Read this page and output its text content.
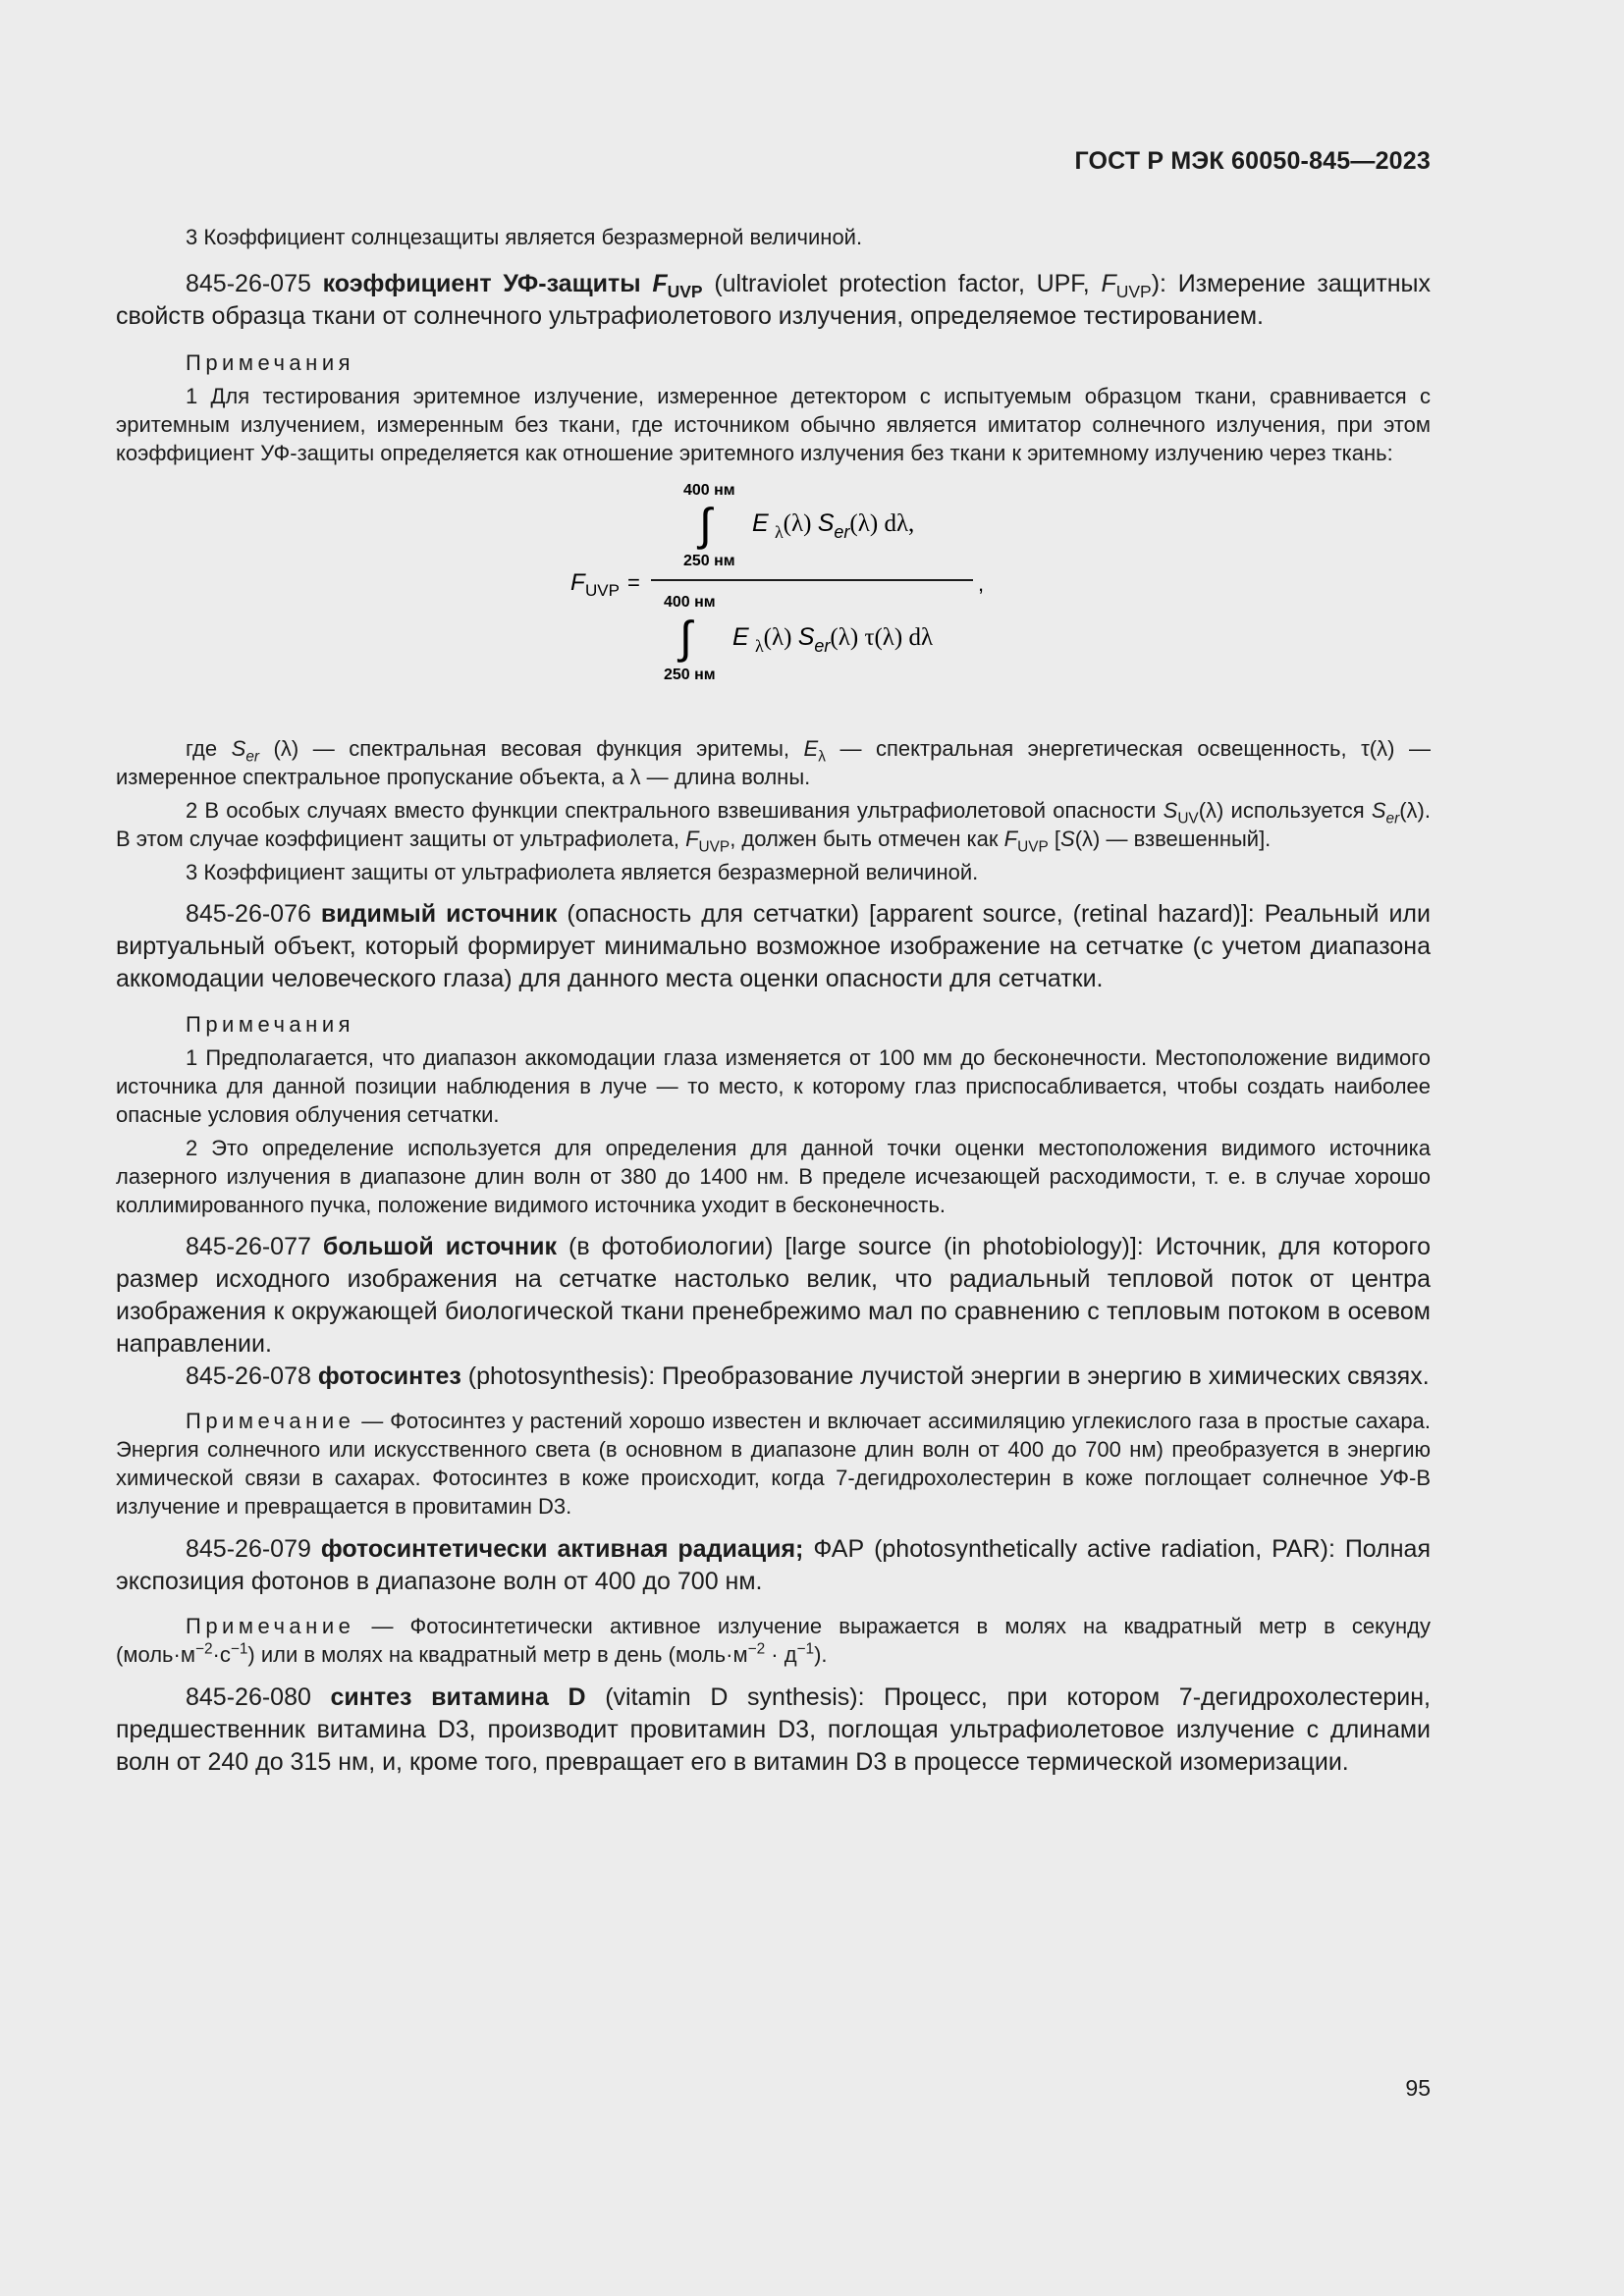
ГОСТ Р МЭК 60050-845—2023

3 Коэффициент солнцезащиты является безразмерной величиной.

845-26-075 коэффициент УФ-защиты $F_{UVP}$ (ultraviolet protection factor, UPF, $F_{UVP}$): Измерение защитных свойств образца ткани от солнечного ультрафиолетового излучения, определяемое тестированием.

Примечания

1 Для тестирования эритемное излучение, измеренное детектором с испытуемым образцом ткани, сравнивается с эритемным излучением, измеренным без ткани, где источником обычно является имитатор солнечного излучения, при этом коэффициент УФ-защиты определяется как отношение эритемного излучения без ткани к эритемному излучению через ткань:

F UVP =	,
400 нм
∫
250 нм
E $_\lambda$(λ) $S_{er}(\lambda)$ dλ,
400 нм
∫
250 нм
E $_\lambda$(λ) $S_{er}(\lambda)$ τ(λ) dλ

где $S_{er}$ (λ) — спектральная весовая функция эритемы, $E_\lambda$ — спектральная энергетическая освещенность, τ(λ) — измеренное спектральное пропускание объекта, а λ — длина волны.

2 В особых случаях вместо функции спектрального взвешивания ультрафиолетовой опасности $S_{UV}(\lambda)$ используется $S_{er}(\lambda)$. В этом случае коэффициент защиты от ультрафиолета, $F_{UVP}$, должен быть отмечен как $F_{UVP}$ [S(λ) — взвешенный].

3 Коэффициент защиты от ультрафиолета является безразмерной величиной.

845-26-076 видимый источник (опасность для сетчатки) [apparent source, (retinal hazard)]: Реальный или виртуальный объект, который формирует минимально возможное изображение на сетчатке (с учетом диапазона аккомодации человеческого глаза) для данного места оценки опасности для сетчатки.

Примечания

1 Предполагается, что диапазон аккомодации глаза изменяется от 100 мм до бесконечности. Местоположение видимого источника для данной позиции наблюдения в луче — то место, к которому глаз приспосабливается, чтобы создать наиболее опасные условия облучения сетчатки.

2 Это определение используется для определения для данной точки оценки местоположения видимого источника лазерного излучения в диапазоне длин волн от 380 до 1400 нм. В пределе исчезающей расходимости, т. е. в случае хорошо коллимированного пучка, положение видимого источника уходит в бесконечность.

845-26-077 большой источник (в фотобиологии) [large source (in photobiology)]: Источник, для которого размер исходного изображения на сетчатке настолько велик, что радиальный тепловой поток от центра изображения к окружающей биологической ткани пренебрежимо мал по сравнению с тепловым потоком в осевом направлении.

845-26-078 фотосинтез (photosynthesis): Преобразование лучистой энергии в энергию в химических связях.

Примечание — Фотосинтез у растений хорошо известен и включает ассимиляцию углекислого газа в простые сахара. Энергия солнечного или искусственного света (в основном в диапазоне длин волн от 400 до 700 нм) преобразуется в энергию химической связи в сахарах. Фотосинтез в коже происходит, когда 7-дегидрохолестерин в коже поглощает солнечное УФ-В излучение и превращается в провитамин D3.

845-26-079 фотосинтетически активная радиация; ФАР (photosynthetically active radiation, PAR): Полная экспозиция фотонов в диапазоне волн от 400 до 700 нм.

Примечание — Фотосинтетически активное излучение выражается в молях на квадратный метр в секунду $(моль\cdot м^{-2}\cdot с^{-1})$ или в молях на квадратный метр в день $(моль\cdot м^{-2} \cdot д^{-1})$.

845-26-080 синтез витамина D (vitamin D synthesis): Процесс, при котором 7-дегидрохолестерин, предшественник витамина D3, производит провитамин D3, поглощая ультрафиолетовое излучение с длинами волн от 240 до 315 нм, и, кроме того, превращает его в витамин D3 в процессе термической изомеризации.

95
